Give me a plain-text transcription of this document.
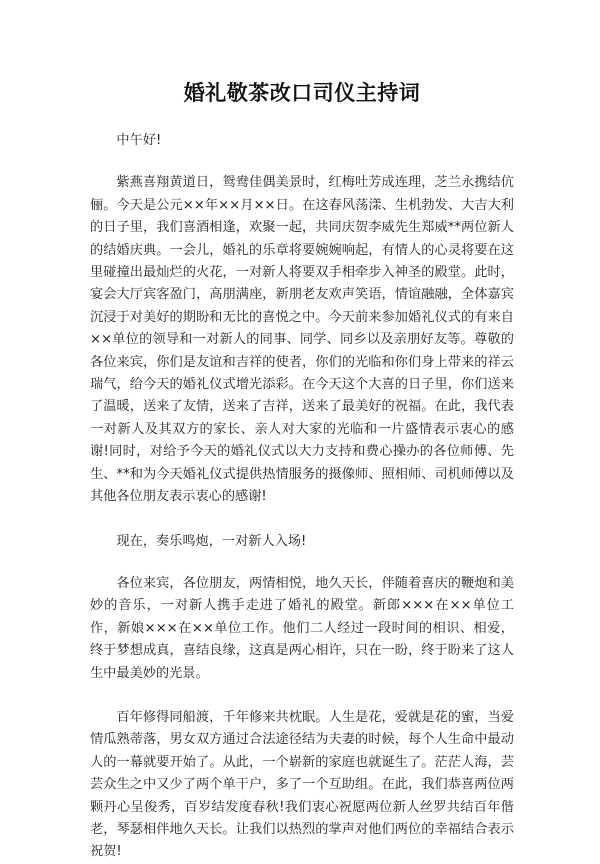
婚礼敬茶改口司仪主持词

中午好!

紫燕喜翔黄道日，鸳鸯佳偶美景时，红梅吐芳成连理，芝兰永携结伉俪。今天是公元××年××月××日。在这春风荡漾、生机勃发、大吉大利的日子里，我们喜酒相逢，欢聚一起，共同庆贺李威先生郑威**两位新人的结婚庆典。一会儿，婚礼的乐章将要婉婉响起，有情人的心灵将要在这里碰撞出最灿烂的火花，一对新人将要双手相牵步入神圣的殿堂。此时，宴会大厅宾客盈门，高朋满座，新朋老友欢声笑语，情谊融融，全体嘉宾沉浸于对美好的期盼和无比的喜悦之中。今天前来参加婚礼仪式的有来自××单位的领导和一对新人的同事、同学、同乡以及亲朋好友等。尊敬的各位来宾，你们是友谊和吉祥的使者，你们的光临和你们身上带来的祥云瑞气，给今天的婚礼仪式增光添彩。在今天这个大喜的日子里，你们送来了温暖，送来了友情，送来了吉祥，送来了最美好的祝福。在此，我代表一对新人及其双方的家长、亲人对大家的光临和一片盛情表示衷心的感谢!同时，对给予今天的婚礼仪式以大力支持和费心操办的各位师傅、先生、**和为今天婚礼仪式提供热情服务的摄像师、照相师、司机师傅以及其他各位朋友表示衷心的感谢!

现在，奏乐鸣炮，一对新人入场!

各位来宾，各位朋友，两情相悦，地久天长，伴随着喜庆的鞭炮和美妙的音乐，一对新人携手走进了婚礼的殿堂。新郎×××在××单位工作，新娘×××在××单位工作。他们二人经过一段时间的相识、相爱，终于梦想成真，喜结良缘，这真是两心相许，只在一盼，终于盼来了这人生中最美妙的光景。

百年修得同船渡，千年修来共枕眠。人生是花，爱就是花的蜜，当爱情瓜熟蒂落，男女双方通过合法途径结为夫妻的时候，每个人生命中最动人的一幕就要开始了。从此，一个崭新的家庭也就诞生了。茫茫人海，芸芸众生之中又少了两个单干户，多了一个互助组。在此，我们恭喜两位两颗丹心呈俊秀，百岁结发度春秋!我们衷心祝愿两位新人丝罗共结百年偕老，琴瑟相伴地久天长。让我们以热烈的掌声对他们两位的幸福结合表示祝贺!
